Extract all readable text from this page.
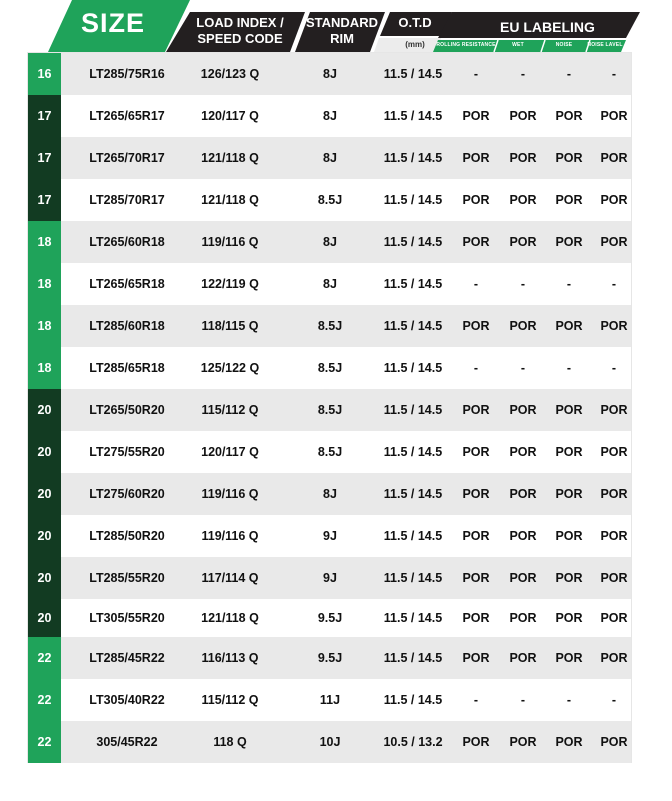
SIZE	LOAD INDEX /
SPEED CODE
STANDARD
RIM
O.T.D
(mm)
EU LABELING
ROLLING RESISTANCE	WET	NOISE	NOISE LAVEL
16	LT285/75R16	126/123 Q	8J	11.5 / 14.5	-	-	-	-
17	LT265/65R17	120/117 Q	8J	11.5 / 14.5	POR	POR	POR	POR
17	LT265/70R17	121/118 Q	8J	11.5 / 14.5	POR	POR	POR	POR
17	LT285/70R17	121/118 Q	8.5J	11.5 / 14.5	POR	POR	POR	POR
18	LT265/60R18	119/116 Q	8J	11.5 / 14.5	POR	POR	POR	POR
18	LT265/65R18	122/119 Q	8J	11.5 / 14.5	-	-	-	-
18	LT285/60R18	118/115 Q	8.5J	11.5 / 14.5	POR	POR	POR	POR
18	LT285/65R18	125/122 Q	8.5J	11.5 / 14.5	-	-	-	-
20	LT265/50R20	115/112 Q	8.5J	11.5 / 14.5	POR	POR	POR	POR
20	LT275/55R20	120/117 Q	8.5J	11.5 / 14.5	POR	POR	POR	POR
20	LT275/60R20	119/116 Q	8J	11.5 / 14.5	POR	POR	POR	POR
20	LT285/50R20	119/116 Q	9J	11.5 / 14.5	POR	POR	POR	POR
20	LT285/55R20	117/114 Q	9J	11.5 / 14.5	POR	POR	POR	POR
20	LT305/55R20	121/118 Q	9.5J	11.5 / 14.5	POR	POR	POR	POR
22	LT285/45R22	116/113 Q	9.5J	11.5 / 14.5	POR	POR	POR	POR
22	LT305/40R22	115/112 Q	11J	11.5 / 14.5	-	-	-	-
22	305/45R22	118 Q	10J	10.5 / 13.2	POR	POR	POR	POR
